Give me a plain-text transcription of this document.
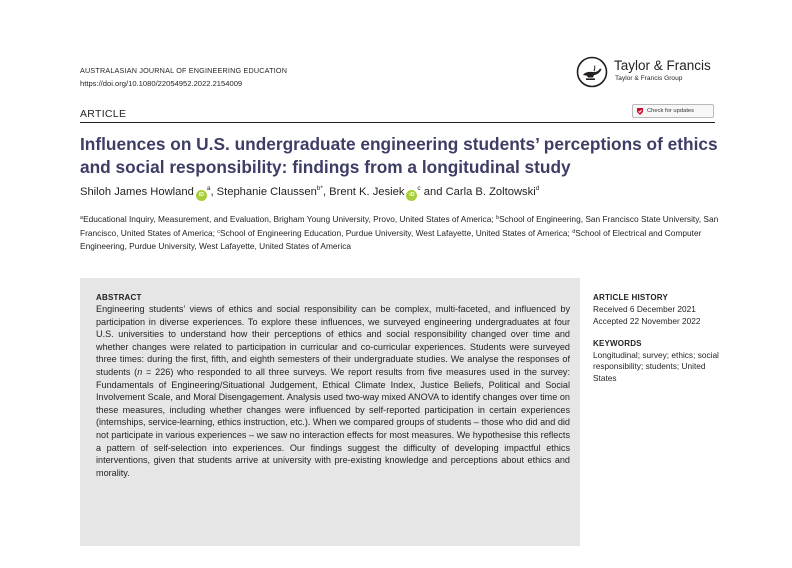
AUSTRALASIAN JOURNAL OF ENGINEERING EDUCATION
https://doi.org/10.1080/22054952.2022.2154009
Taylor & Francis
Taylor & Francis Group
ARTICLE	Check for updates
Influences on U.S. undergraduate engineering students’ perceptions of ethics and social responsibility: findings from a longitudinal study
Shiloh James Howland $iD^a$, Stephanie Claussen$^{b*}$, Brent K. Jesiek $iD^c$ and Carla B. Zoltowski$^d$
$^a$Educational Inquiry, Measurement, and Evaluation, Brigham Young University, Provo, United States of America; $^b$School of Engineering, San Francisco State University, San Francisco, United States of America; $^c$School of Engineering Education, Purdue University, West Lafayette, United States of America; $^d$School of Electrical and Computer Engineering, Purdue University, West Lafayette, United States of America
ABSTRACT
Engineering students’ views of ethics and social responsibility can be complex, multi-faceted, and influenced by participation in diverse experiences. To explore these influences, we surveyed engineering undergraduates at four U.S. universities to understand how their perceptions of ethics and social responsibility changed over time and whether changes were related to participation in curricular and co-curricular experiences. Students were surveyed three times: during the first, fifth, and eighth semesters of their undergraduate studies. We analyse the responses of students (n = 226) who responded to all three surveys. We report results from five measures used in the survey: Fundamentals of Engineering/Situational Judgement, Ethical Climate Index, Justice Beliefs, Political and Social Involvement Scale, and Moral Disengagement. Analysis used two-way mixed ANOVA to identify changes over time on these measures, including whether changes were influenced by self-reported participation in certain experiences (internships, service-learning, ethics instruction, etc.). When we compared groups of students – those who did and did not participate in various experiences – we saw no interaction effects for most measures. We hypothesise this reflects a pattern of self-selection into experiences. Our findings suggest the difficulty of developing impactful ethics interventions, given that students arrive at university with pre-existing knowledge and perceptions about ethics and morality.
ARTICLE HISTORY
Received 6 December 2021
Accepted 22 November 2022
KEYWORDS
Longitudinal; survey; ethics; social responsibility; students; United States
